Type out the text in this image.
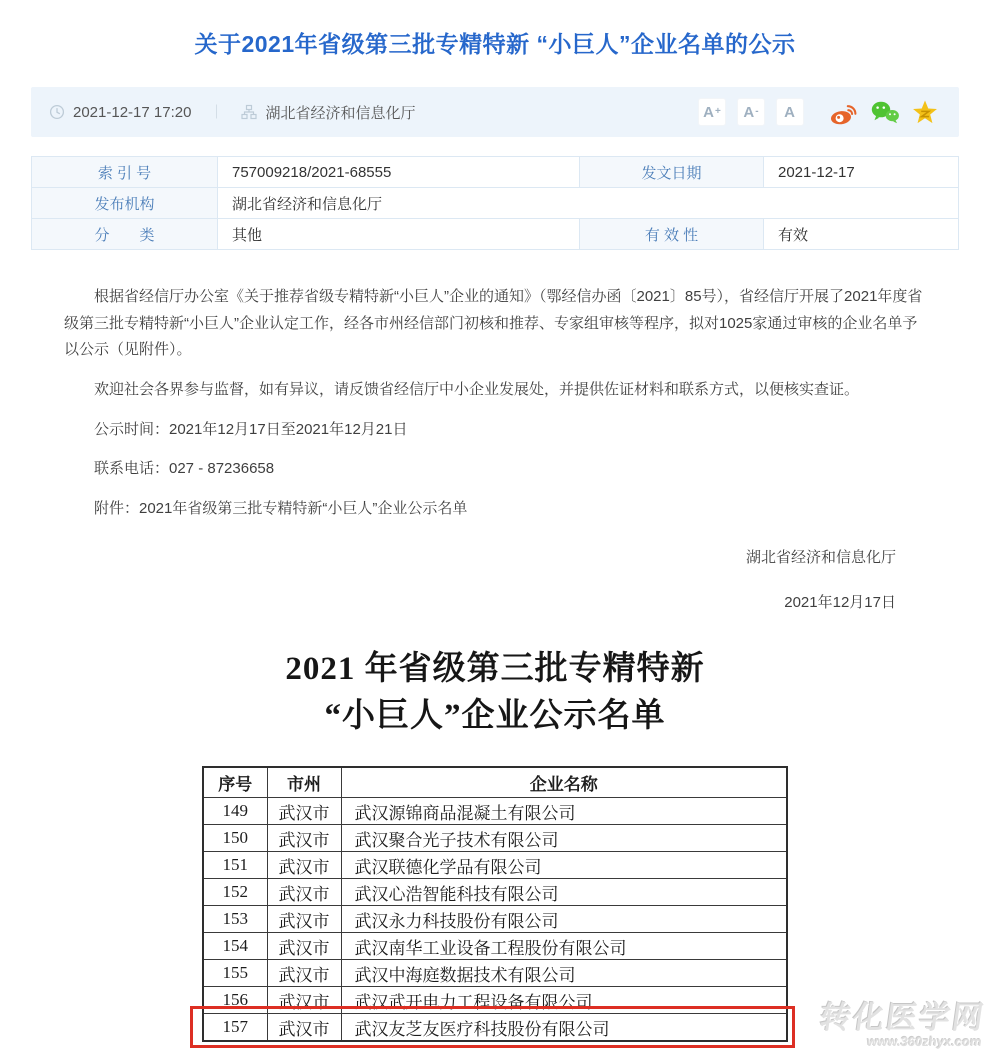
关于2021年省级第三批专精特新 “小巨人”企业名单的公示
2021-12-17 17:20 ｜	湖北省经济和信息化厅	A + A - A
索 引 号	757009218/2021-68555	发文日期	2021-12-17
发布机构	湖北省经济和信息化厅		
分　　类	其他	有 效 性	有效

根据省经信厅办公室《关于推荐省级专精特新“小巨人”企业的通知》（鄂经信办函〔2021〕85号），省经信厅开展了2021年度省级第三批专精特新“小巨人”企业认定工作，经各市州经信部门初核和推荐、专家组审核等程序，拟对1025家通过审核的企业名单予以公示（见附件）。

欢迎社会各界参与监督，如有异议，请反馈省经信厅中小企业发展处，并提供佐证材料和联系方式，以便核实查证。

公示时间：2021年12月17日至2021年12月21日

联系电话：027 - 87236658

附件：2021年省级第三批专精特新“小巨人”企业公示名单

湖北省经济和信息化厅

2021年12月17日

2021 年省级第三批专精特新
“小巨人”企业公示名单
序号	市州	企业名称
149	武汉市	武汉源锦商品混凝土有限公司
150	武汉市	武汉聚合光子技术有限公司
151	武汉市	武汉联德化学品有限公司
152	武汉市	武汉心浩智能科技有限公司
153	武汉市	武汉永力科技股份有限公司
154	武汉市	武汉南华工业设备工程股份有限公司
155	武汉市	武汉中海庭数据技术有限公司
156	武汉市	武汉武开电力工程设备有限公司
157	武汉市	武汉友芝友医疗科技股份有限公司	转化医学网
www.360zhyx.com
